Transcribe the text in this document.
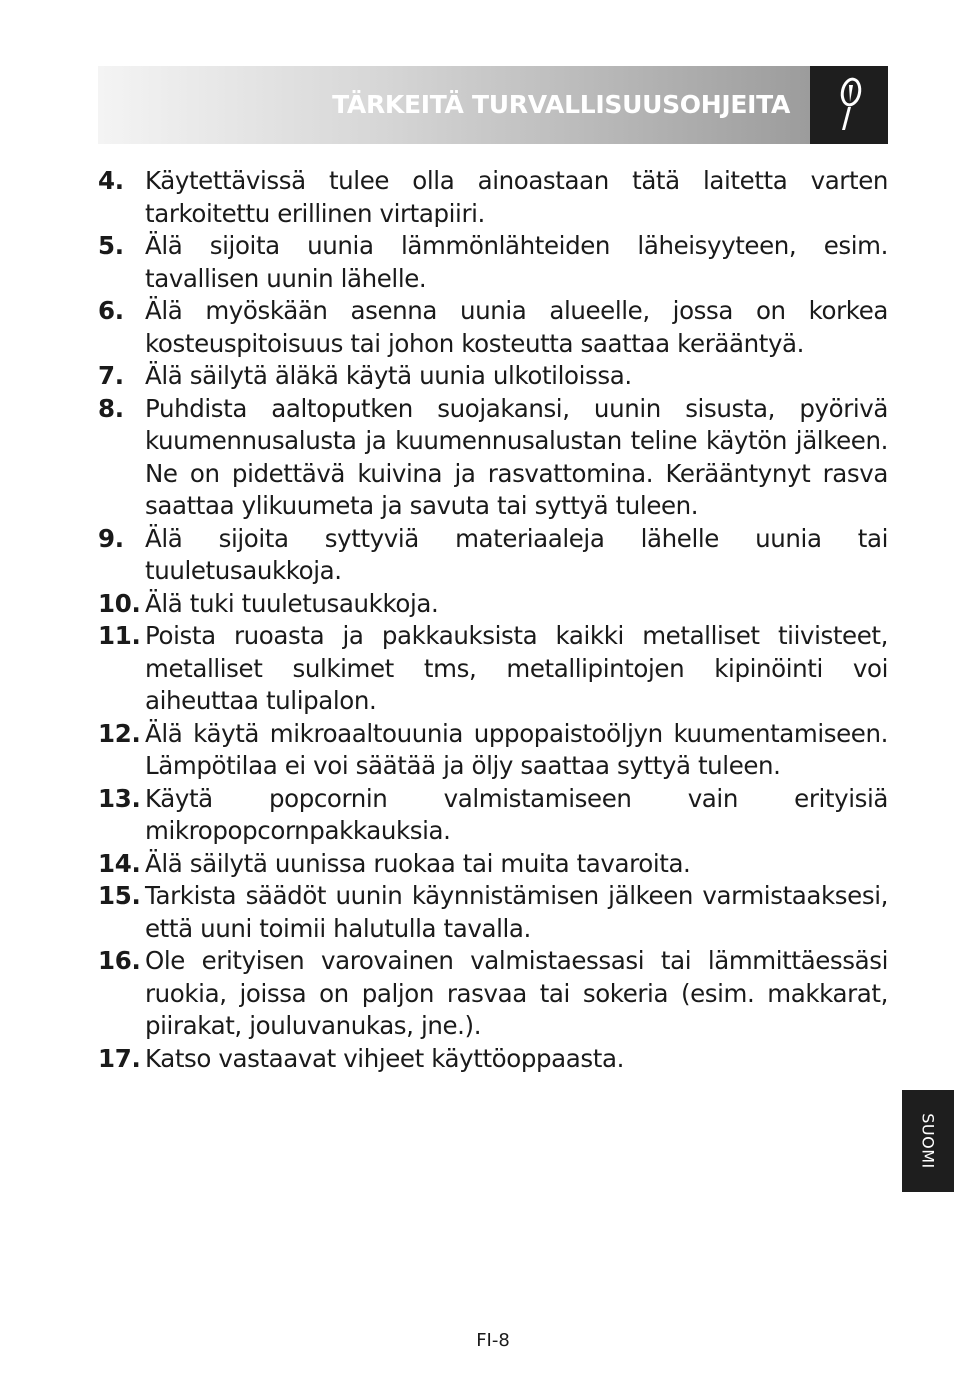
TÄRKEITÄ TURVALLISUUSOHJEITA
4. Käytettävissä tulee olla ainoastaan tätä laitetta varten tarkoitettu erillinen virtapiiri.
5. Älä sijoita uunia lämmönlähteiden läheisyyteen, esim. tavallisen uunin lähelle.
6. Älä myöskään asenna uunia alueelle, jossa on korkea kosteuspitoisuus tai johon kosteutta saattaa kerääntyä.
7. Älä säilytä äläkä käytä uunia ulkotiloissa.
8. Puhdista aaltoputken suojakansi, uunin sisusta, pyörivä kuumennusalusta ja kuumennusalustan teline käytön jälkeen. Ne on pidettävä kuivina ja rasvattomina. Kerääntynyt rasva saattaa ylikuumeta ja savuta tai syttyä tuleen.
9. Älä sijoita syttyviä materiaaleja lähelle uunia tai tuuletusaukkoja.
10. Älä tuki tuuletusaukkoja.
11. Poista ruoasta ja pakkauksista kaikki metalliset tiivisteet, metalliset sulkimet tms, metallipintojen kipinöinti voi aiheuttaa tulipalon.
12. Älä käytä mikroaaltouunia uppopaistoöljyn kuumentamiseen. Lämpötilaa ei voi säätää ja öljy saattaa syttyä tuleen.
13. Käytä popcornin valmistamiseen vain erityisiä mikropopcornpakkauksia.
14. Älä säilytä uunissa ruokaa tai muita tavaroita.
15. Tarkista säädöt uunin käynnistämisen jälkeen varmistaaksesi, että uuni toimii halutulla tavalla.
16. Ole erityisen varovainen valmistaessasi tai lämmittäessäsi ruokia, joissa on paljon rasvaa tai sokeria (esim. makkarat, piirakat, jouluvanukas, jne.).
17. Katso vastaavat vihjeet käyttöoppaasta.
SUOMI
FI-8
